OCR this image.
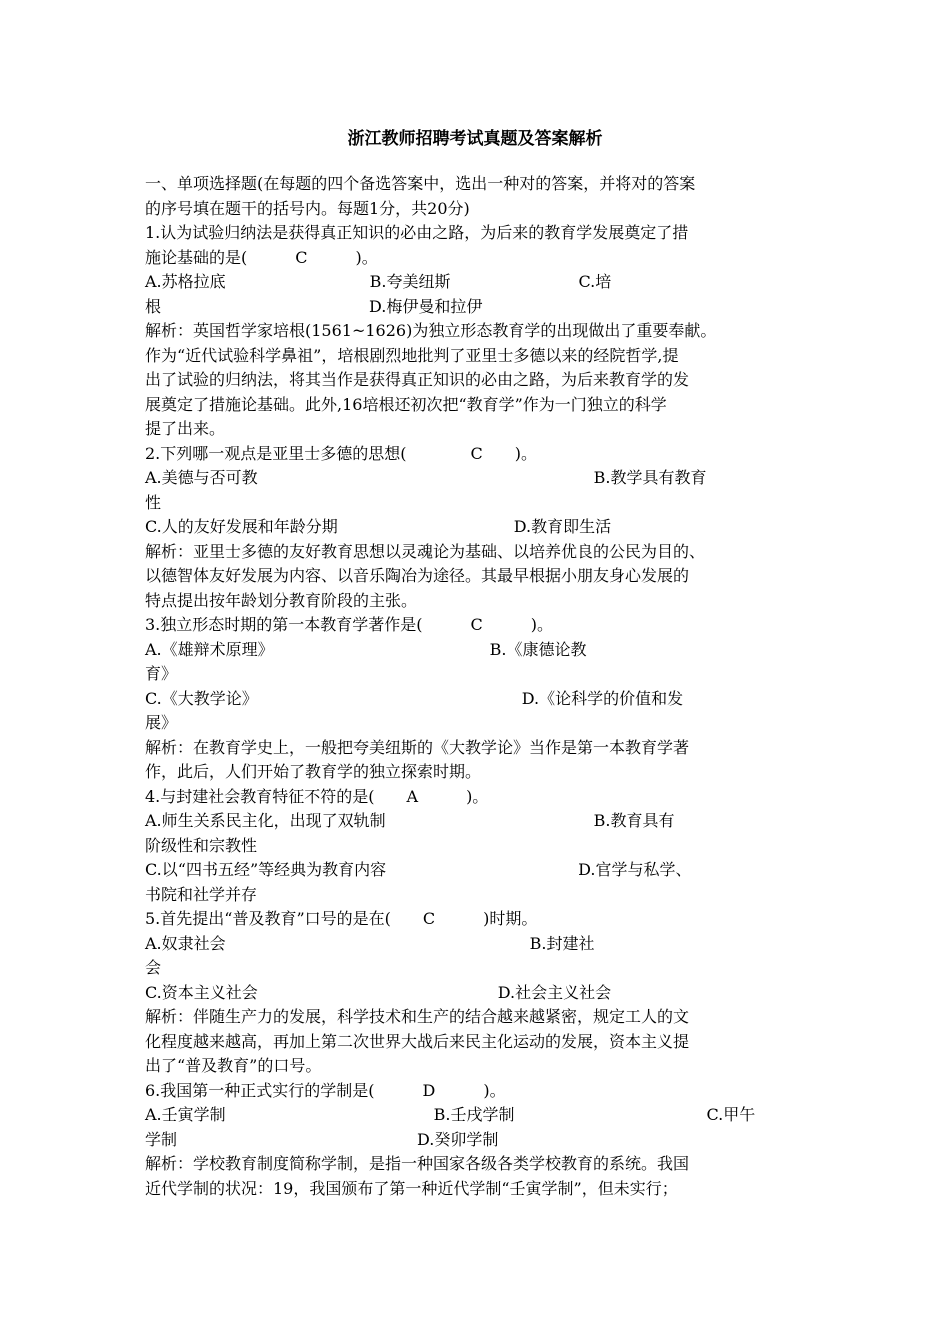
浙江教师招聘考试真题及答案解析
一、单项选择题(在每题的四个备选答案中，选出一种对的答案，并将对的答案
的序号填在题干的括号内。每题1分，共20分)
1.认为试验归纳法是获得真正知识的必由之路，为后来的教育学发展奠定了措
施论基础的是(　　　C　　　)。
A.苏格拉底　　　　　　　　　B.夸美纽斯　　　　　　　　C.培
根　　　　　　　　　　　　　D.梅伊曼和拉伊
解析：英国哲学家培根(1561~1626)为独立形态教育学的出现做出了重要奉献。
作为“近代试验科学鼻祖”，培根剧烈地批判了亚里士多德以来的经院哲学,提
出了试验的归纳法，将其当作是获得真正知识的必由之路，为后来教育学的发
展奠定了措施论基础。此外,16培根还初次把“教育学”作为一门独立的科学
提了出来。
2.下列哪一观点是亚里士多德的思想(　　　　C　　)。
A.美德与否可教　　　　　　　　　　　　　　　　　　　　　B.教学具有教育
性
C.人的友好发展和年龄分期　　　　　　　　　　　D.教育即生活
解析：亚里士多德的友好教育思想以灵魂论为基础、以培养优良的公民为目的、
以德智体友好发展为内容、以音乐陶冶为途径。其最早根据小朋友身心发展的
特点提出按年龄划分教育阶段的主张。
3.独立形态时期的第一本教育学著作是(　　　C　　　)。
A.《雄辩术原理》　　　　　　　　　　　　　　B.《康德论教
育》
C.《大教学论》　　　　　　　　　　　　　　　　　D.《论科学的价值和发
展》
解析：在教育学史上，一般把夸美纽斯的《大教学论》当作是第一本教育学著
作，此后，人们开始了教育学的独立探索时期。
4.与封建社会教育特征不符的是(　　A　　　)。
A.师生关系民主化，出现了双轨制　　　　　　　　　　　　　B.教育具有
阶级性和宗教性
C.以“四书五经”等经典为教育内容　　　　　　　　　　　　D.官学与私学、
书院和社学并存
5.首先提出“普及教育”口号的是在(　　C　　　)时期。
A.奴隶社会　　　　　　　　　　　　　　　　　　　B.封建社
会
C.资本主义社会　　　　　　　　　　　　　　　D.社会主义社会
解析：伴随生产力的发展，科学技术和生产的结合越来越紧密，规定工人的文
化程度越来越高，再加上第二次世界大战后来民主化运动的发展，资本主义提
出了“普及教育”的口号。
6.我国第一种正式实行的学制是(　　　D　　　)。
A.壬寅学制　　　　　　　　　　　　　B.壬戌学制　　　　　　　　　　　　C.甲午
学制　　　　　　　　　　　　　　　D.癸卯学制
解析：学校教育制度简称学制，是指一种国家各级各类学校教育的系统。我国
近代学制的状况：19，我国颁布了第一种近代学制“壬寅学制”，但未实行；
